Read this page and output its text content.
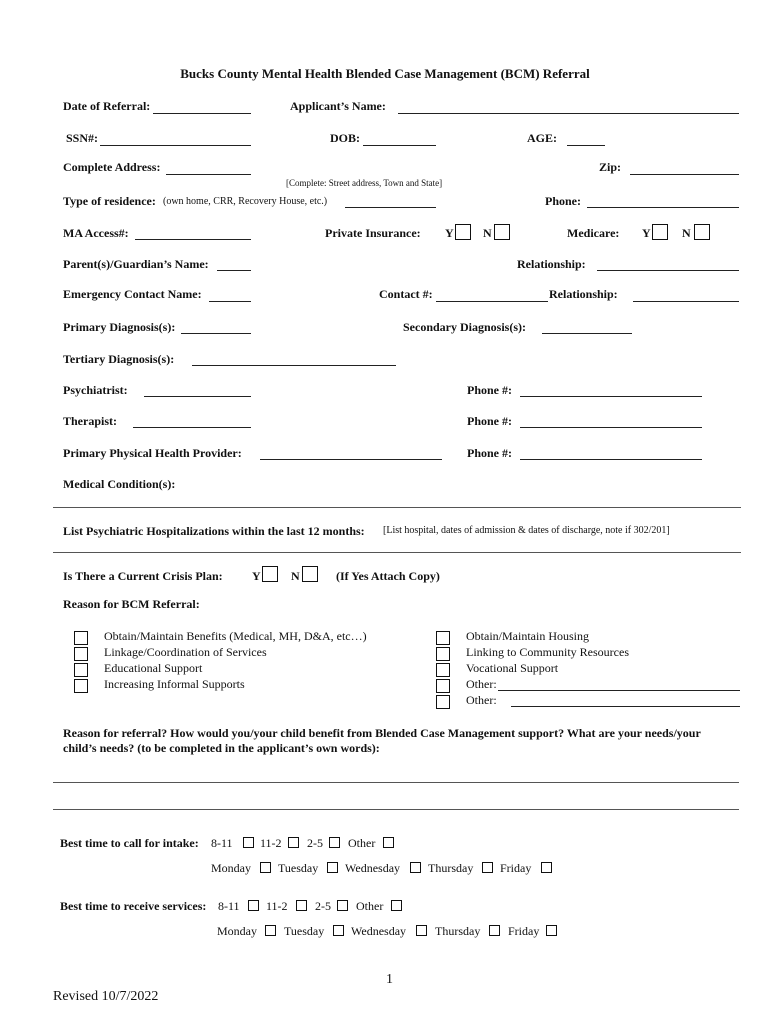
Bucks County Mental Health Blended Case Management (BCM) Referral
Date of Referral:	Applicant’s Name:
SSN#:	DOB:	AGE:
Complete Address:	Zip:
[Complete: Street address, Town and State]
Type of residence: (own home, CRR, Recovery House, etc.)	Phone:
MA Access#:	Private Insurance: Y N	Medicare: Y	N
Parent(s)/Guardian’s Name:	Relationship:
Emergency Contact Name:	Contact #:	Relationship:
Primary Diagnosis(s):	Secondary Diagnosis(s):
Tertiary Diagnosis(s):
Psychiatrist:	Phone #:
Therapist:	Phone #:
Primary Physical Health Provider:	Phone #:
Medical Condition(s):
List Psychiatric Hospitalizations within the last 12 months: [List hospital, dates of admission & dates of discharge, note if 302/201]
Is There a Current Crisis Plan: Y	N	(If Yes Attach Copy)
Reason for BCM Referral:
Obtain/Maintain Benefits (Medical, MH, D&A, etc…)
Linkage/Coordination of Services
Educational Support
Increasing Informal Supports
Obtain/Maintain Housing
Linking to Community Resources
Vocational Support
Other:
Other:
Reason for referral? How would you/your child benefit from Blended Case Management support? What are your needs/your
child’s needs? (to be completed in the applicant’s own words):
Best time to call for intake: 8-11 11-2 2-5 Other
Monday Tuesday Wednesday Thursday Friday
Best time to receive services: 8-11 11-2 2-5 Other
Monday Tuesday Wednesday Thursday Friday
1
Revised 10/7/2022
